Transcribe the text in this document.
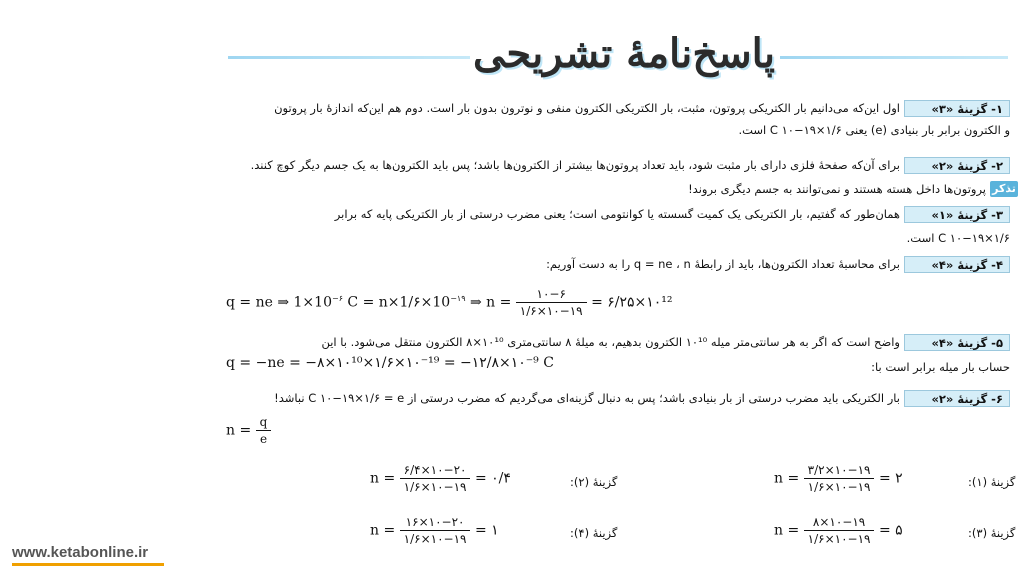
پاسخ‌نامهٔ تشریحی
۱- گزینهٔ «۳»
اول این‌که می‌دانیم بار الکتریکی پروتون، مثبت، بار الکتریکی الکترون منفی و نوترون بدون بار است. دوم هم این‌که اندازهٔ بار پروتون
و الکترون برابر بار بنیادی (e) یعنی C ۱۰−۱۹×۱/۶ است.
۲- گزینهٔ «۲»
برای آن‌که صفحهٔ فلزی دارای بار مثبت شود، باید تعداد پروتون‌ها بیشتر از الکترون‌ها باشد؛ پس باید الکترون‌ها به یک جسم دیگر کوچ کنند.
تذکر
پروتون‌ها داخل هسته هستند و نمی‌توانند به جسم دیگری بروند!
۳- گزینهٔ «۱»
همان‌طور که گفتیم، بار الکتریکی یک کمیت گسسته یا کوانتومی است؛ یعنی مضرب درستی از بار الکتریکی پایه که برابر
C ۱۰−۱۹×۱/۶ است.
۴- گزینهٔ «۴»
برای محاسبهٔ تعداد الکترون‌ها، باید از رابطهٔ q = ne ، n را به دست آوریم:
q = ne ⇒ $1\times 10^{-۶}$ $C = n\times 1/۶\times 10^{-۱۹}$ ⇒ $n = \frac{۱۰-۶}{۱/۶\times ۱۰-۱۹}$ = ۶/۲۵×۱۰¹²
۵- گزینهٔ «۴»
واضح است که اگر به هر سانتی‌متر میله ۱۰¹⁰ الکترون بدهیم، به میلهٔ ۸ سانتی‌متری ۱۰¹⁰×۸ الکترون منتقل می‌شود. با این
حساب بار میله برابر است با:
q = −ne = −۸×۱۰¹⁰×۱/۶×۱۰⁻¹⁹ = −۱۲/۸×۱۰⁻⁹ C
۶- گزینهٔ «۲»
بار الکتریکی باید مضرب درستی از بار بنیادی باشد؛ پس به دنبال گزینه‌ای می‌گردیم که مضرب درستی از C ۱۰−۱۹×۱/۶ = e نباشد!
$n = \frac{q}{e}$
گزینهٔ (۱):
$n = \frac{۳/۲\times ۱۰-۱۹}{۱/۶\times ۱۰-۱۹}$ = ۲
گزینهٔ (۲):
$n = \frac{۶/۴\times ۱۰-۲۰}{۱/۶\times ۱۰-۱۹}$ = ۰/۴
گزینهٔ (۳):
$n = \frac{۸\times ۱۰-۱۹}{۱/۶\times ۱۰-۱۹}$ = ۵
گزینهٔ (۴):
$n = \frac{۱۶\times ۱۰-۲۰}{۱/۶\times ۱۰-۱۹}$ = ۱
www.ketabonline.ir
